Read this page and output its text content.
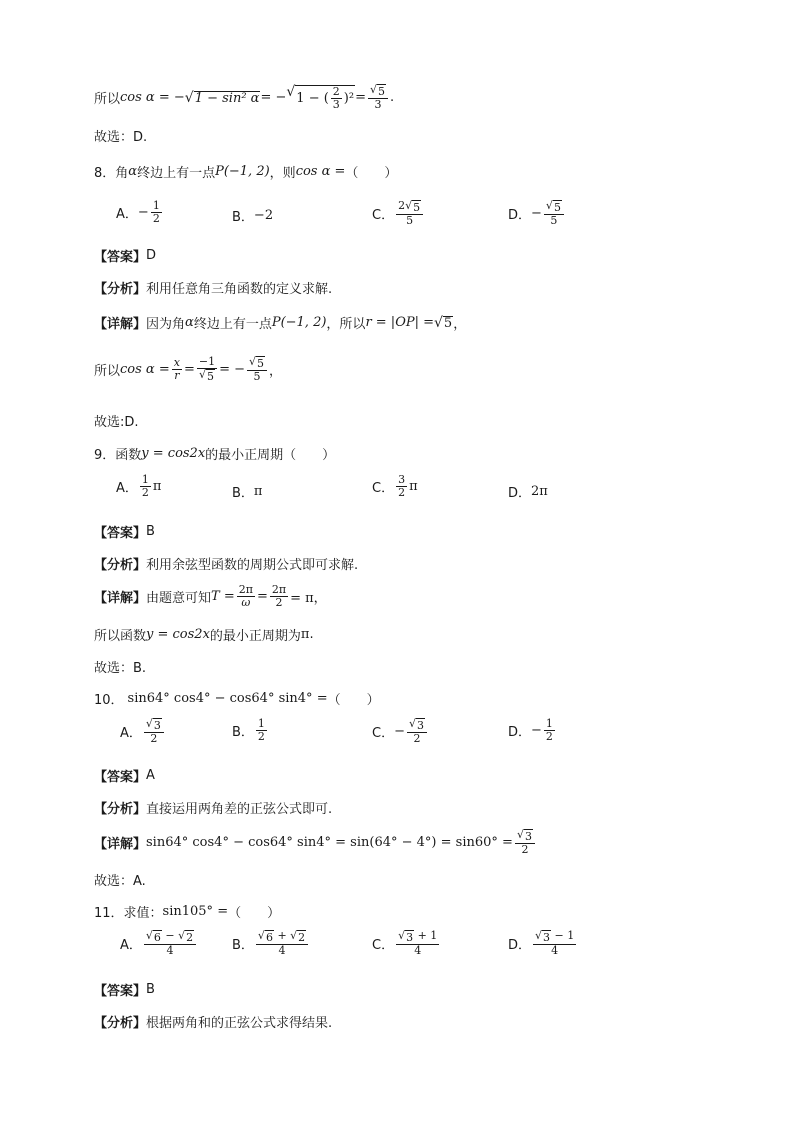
所以 cos α = − √ 1 − sin² α = − √ 1 − ( $\frac{2}{3} )^2 = \frac{√ 5}{3}$ .
故选：D.
8．角 α 终边上有一点 P(−1, 2) ，则 cos α = （　　）
A． − $\frac{1}{2}$	B． −2	C． $\frac{2 √ 5}{5}$	D． − $\frac{√ 5}{5}$
【答案】 D
【分析】 利用任意角三角函数的定义求解.
【详解】 因为角 α 终边上有一点 P(−1, 2) ，所以 r = |OP| = √ 5 ，
所以 $\cos \alpha = \frac{x}{r} = \frac{-1}{√ 5}$ = − $\frac{√ 5}{5}$ ，
故选:D.
9．函数 y = cos2x 的最小正周期（　　）
A． $\frac{1}{2}$ π	B． π	C． $\frac{3}{2}$ π	D． 2π
【答案】 B
【分析】 利用余弦型函数的周期公式即可求解.
【详解】 由题意可知 $T = \frac{2\pi}{\omega} = \frac{2\pi}{2} = \pi$，
所以函数 y = cos2x 的最小正周期为 π .
故选：B.
10． sin64° cos4° − cos64° sin4° = （　　）
A． $\frac{√ 3}{2}$	B． $\frac{1}{2}$	C． − $\frac{√ 3}{2}$	D． − $\frac{1}{2}$
【答案】 A
【分析】 直接运用两角差的正弦公式即可.
【详解】 sin64° cos4° − cos64° $\sin 4^\circ = \sin(64^\circ - 4^\circ) = \sin 60^\circ = \frac{√ 3}{2}$
故选：A.
11．求值： sin105° = （　　）
A． $\frac{√ 6 - √ 2}{4}$	B． $\frac{√ 6 + √ 2}{4}$	C． $\frac{√ 3 + 1}{4}$	D． $\frac{√ 3 - 1}{4}$
【答案】 B
【分析】 根据两角和的正弦公式求得结果.
